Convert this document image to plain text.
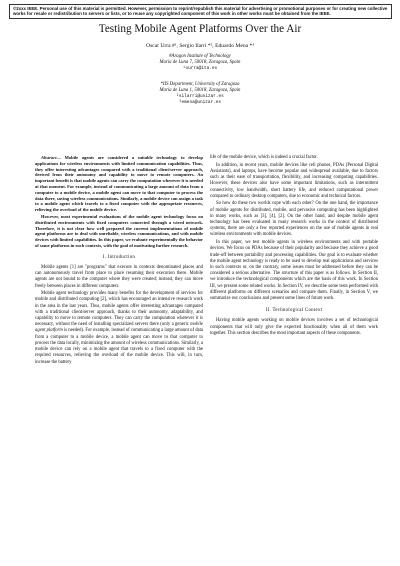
©2xxx IEEE. Personal use of this material is permitted. However, permission to reprint/republish this material for advertising or promotional purposes or for creating new collective works for resale or redistribution to servers or lists, or to reuse any copyrighted component of this work in other works must be obtained from the IEEE.
Testing Mobile Agent Platforms Over the Air
Oscar Urra #¹, Sergio Ilarri *², Eduardo Mena *³
#Aragon Institute of Technology
María de Luna 7, 50018, Zaragoza, Spain
¹ourra@ita.es
*IIS Department, University of Zaragoza
María de Luna 1, 50018, Zaragoza, Spain
²silarri@unizar.es
³emena@unizar.es

Abstract— Mobile agents are considered a suitable technology to develop applications for wireless environments with limited communication capabilities. Thus, they offer interesting advantages compared with a traditional client/server approach, derived from their autonomy and capability to move to remote computers. An important benefit is that mobile agents can carry the computation wherever it is needed at that moment. For example, instead of communicating a large amount of data from a computer to a mobile device, a mobile agent can move to that computer to process the data there, saving wireless communications. Similarly, a mobile device can assign a task to a mobile agent which travels to a fixed computer with the appropriate resources, relieving the overload of the mobile device.

However, most experimental evaluations of the mobile agent technology focus on distributed environments with fixed computers connected through a wired network. Therefore, it is not clear how well prepared the current implementations of mobile agent platforms are to deal with unreliable, wireless communications, and with mobile devices with limited capabilities. In this paper, we evaluate experimentally the behavior of some platforms in such contexts, with the goal of motivating further research.

I. Introduction

Mobile agents [1] are "programs" that execute in contexts denominated places and can autonomously travel from place to place resuming their execution there. Mobile agents are not bound to the computer where they were created; instead, they can move freely between places in different computers.

Mobile agent technology provides many benefits for the development of services for mobile and distributed computing [2], which has encouraged an intensive research work in the area in the last years. Thus, mobile agents offer interesting advantages compared with a traditional client/server approach, thanks to their autonomy, adaptability, and capability to move to remote computers. They can carry the computation wherever it is necessary, without the need of installing specialized servers there (only a generic mobile agent platform is needed). For example, instead of communicating a large amount of data from a computer to a mobile device, a mobile agent can move to that computer to process the data locally, minimizing the amount of wireless communications. Similarly, a mobile device can rely on a mobile agent that travels to a fixed computer with the required resources, relieving the overload of the mobile device. This will, in turn, increase the battery

life of the mobile device, which is indeed a crucial factor.

In addition, in recent years, mobile devices like cell phones, PDAs (Personal Digital Assistants), and laptops, have become popular and widespread available, due to factors such as their ease of transportation, flexibility, and increasing computing capabilities. However, these devices also have some important limitations, such as intermittent connectivity, low bandwidth, short battery life, and reduced computational power compared to ordinary desktop computers, due to economic and technical factors.

So how do these two worlds cope with each other? On the one hand, the importance of mobile agents for distributed, mobile, and pervasive computing has been highlighted in many works, such as [3], [4], [2]. On the other hand, and despite mobile agent technology has been evaluated in many research works in the context of distributed systems, there are only a few reported experiences on the use of mobile agents in real wireless environments with mobile devices.

In this paper, we test mobile agents in wireless environments and with portable devices. We focus on PDAs because of their popularity and because they achieve a good trade-off between portability and processing capabilities. Our goal is to evaluate whether the mobile agent technology is ready to be used to develop real applications and services in such contexts or, on the contrary, some issues must be addressed before they can be considered a serious alternative. The structure of this paper is as follows. In Section II, we introduce the technological components which are the basis of this work. In Section III, we present some related works. In Section IV, we describe some tests performed with different platforms on different scenarios and compare them. Finally, in Section V, we summarize our conclusions and present some lines of future work.

II. Technological Context

Having mobile agents working on mobile devices involves a set of technological components that will only give the expected functionality when all of them work together. This section describes the most important aspects of these components.
